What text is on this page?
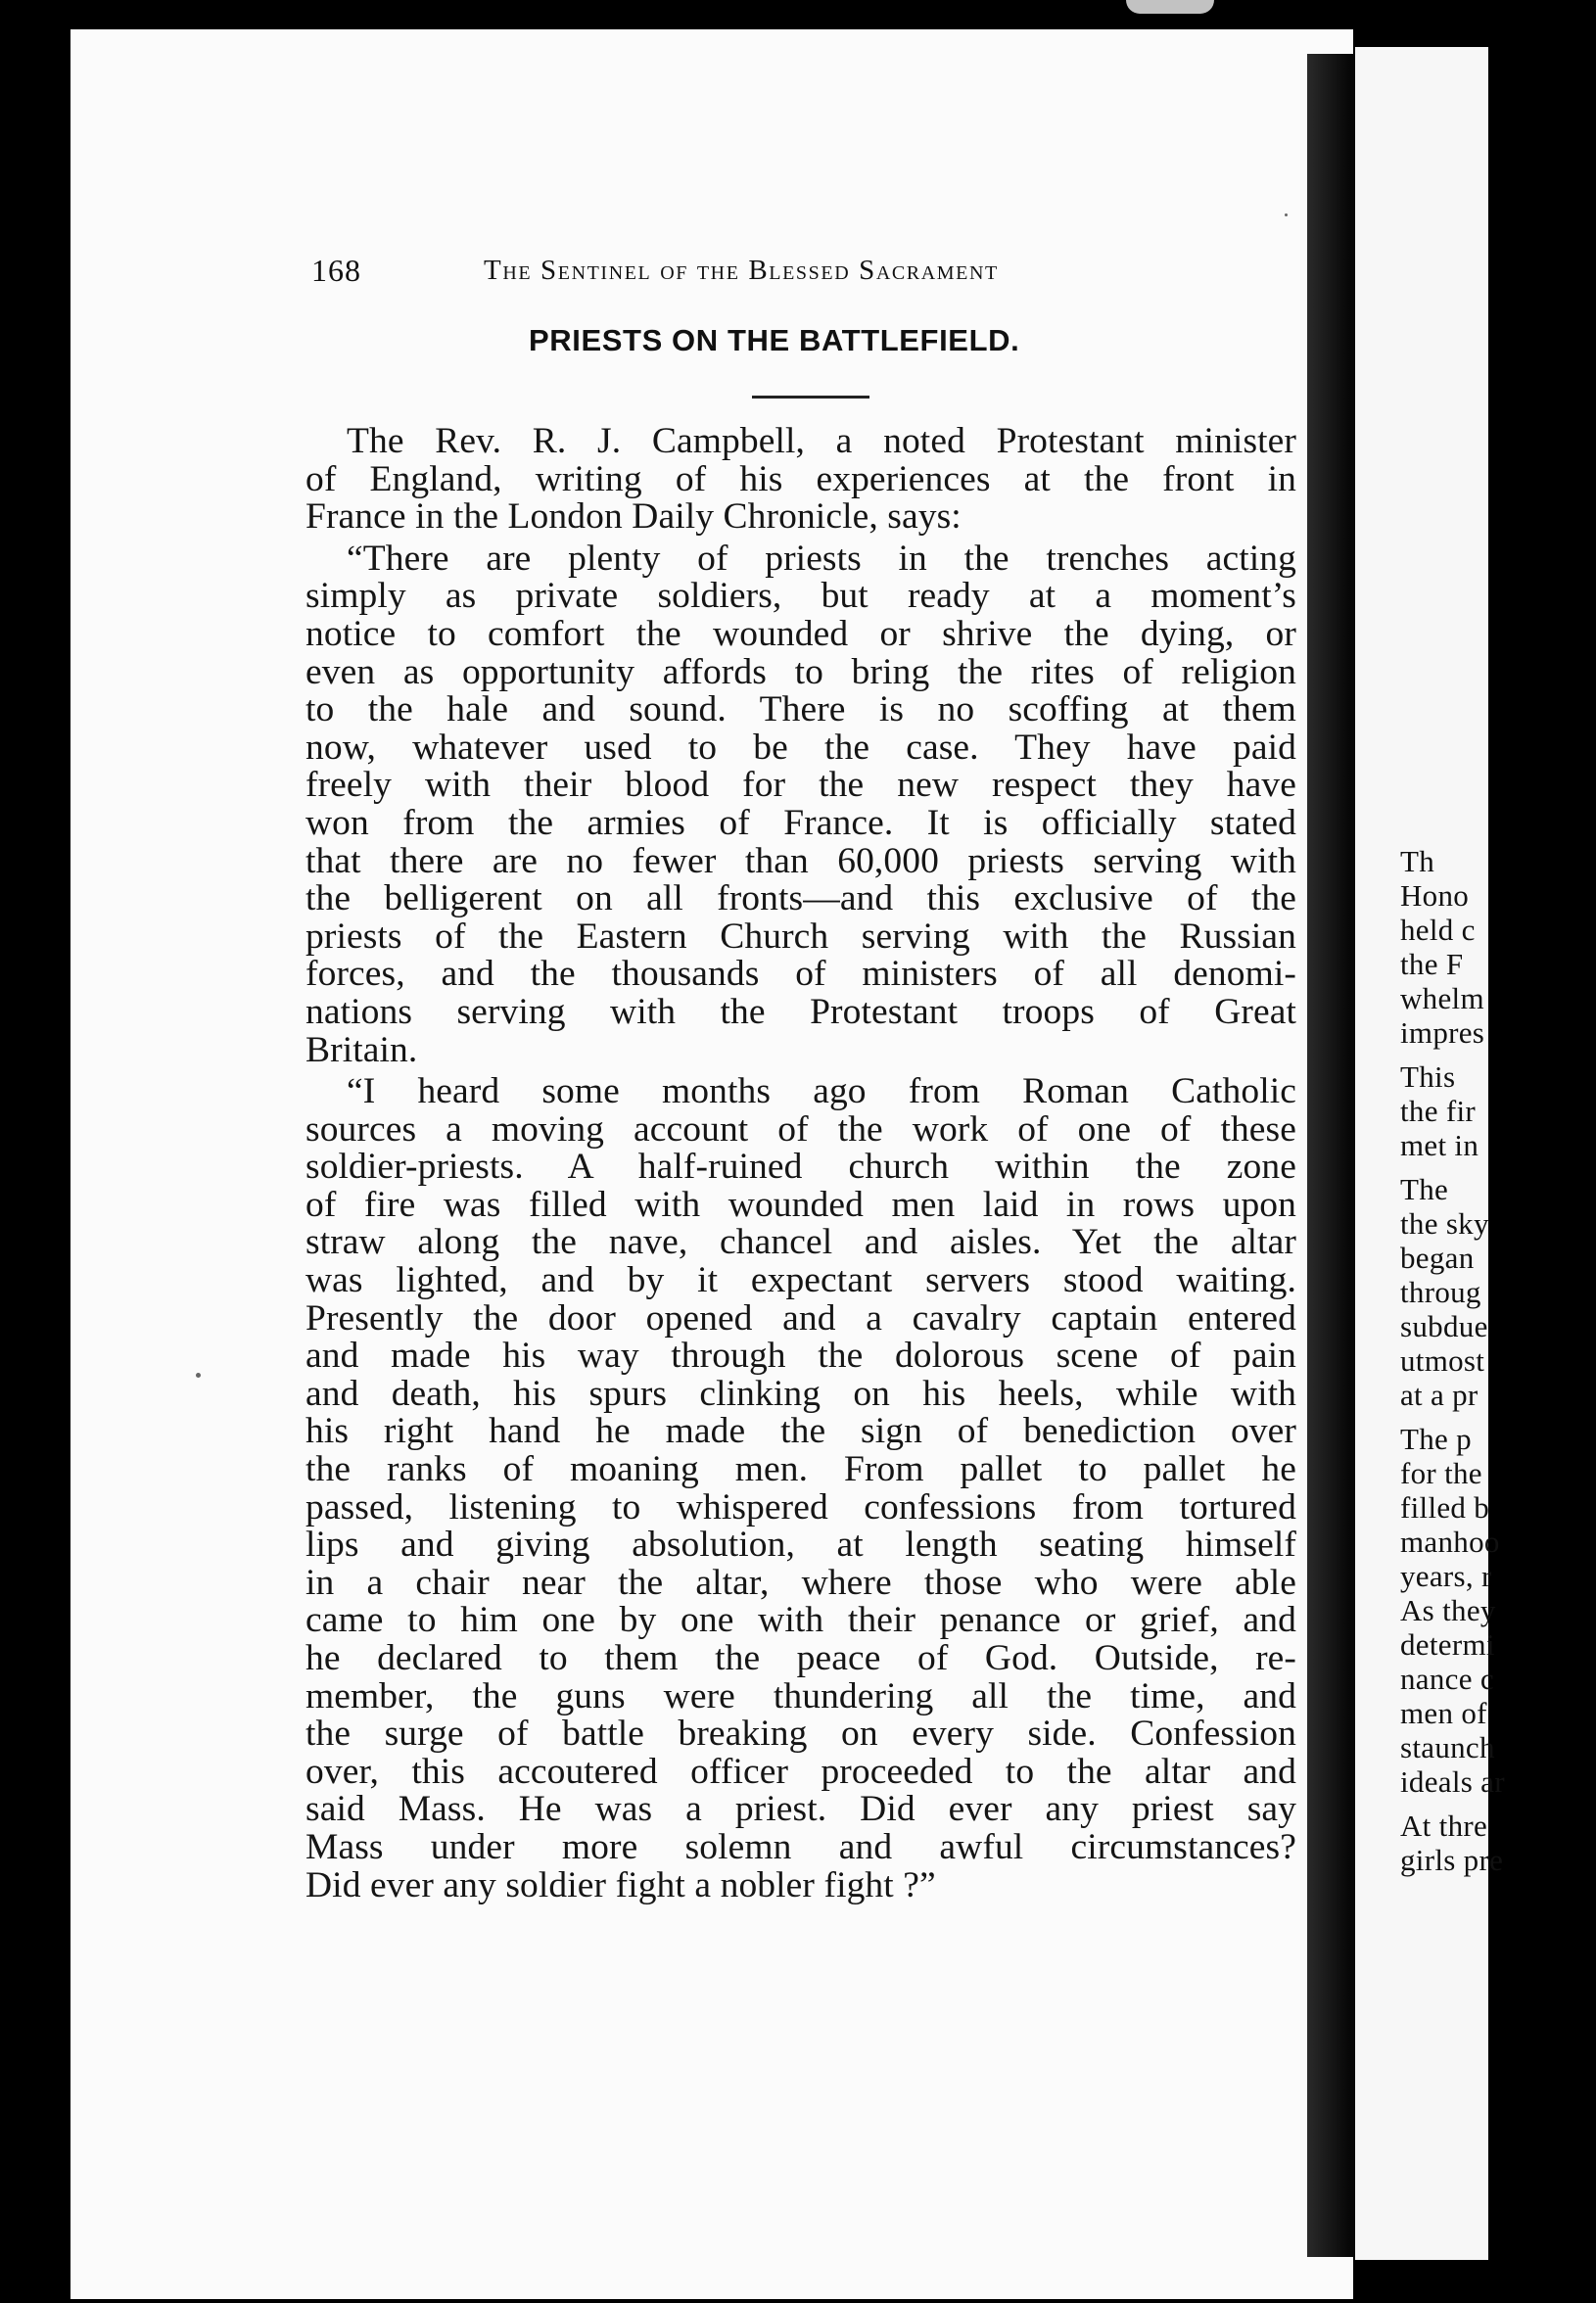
Th
Hono
held c
the F
whelm
impres
This
the fir
met in
The
the sky
began
throug
subdue
utmost
at a pr
The p
for the
filled b
manhoo
years, r
As they
determi
nance c
men of
staunch
ideals ar
At thre
girls pre
168	The Sentinel of the Blessed Sacrament
PRIESTS ON THE BATTLEFIELD.

The Rev. R. J. Campbell, a noted Protestant minister
of England, writing of his experiences at the front in
France in the London Daily Chronicle, says:

“There are plenty of priests in the trenches acting
simply as private soldiers, but ready at a moment’s
notice to comfort the wounded or shrive the dying, or
even as opportunity affords to bring the rites of religion
to the hale and sound. There is no scoffing at them
now, whatever used to be the case. They have paid
freely with their blood for the new respect they have
won from the armies of France. It is officially stated
that there are no fewer than 60,000 priests serving with
the belligerent on all fronts—and this exclusive of the
priests of the Eastern Church serving with the Russian
forces, and the thousands of ministers of all denomi-
nations serving with the Protestant troops of Great
Britain.

“I heard some months ago from Roman Catholic
sources a moving account of the work of one of these
soldier-priests. A half-ruined church within the zone
of fire was filled with wounded men laid in rows upon
straw along the nave, chancel and aisles. Yet the altar
was lighted, and by it expectant servers stood waiting.
Presently the door opened and a cavalry captain entered
and made his way through the dolorous scene of pain
and death, his spurs clinking on his heels, while with
his right hand he made the sign of benediction over
the ranks of moaning men. From pallet to pallet he
passed, listening to whispered confessions from tortured
lips and giving absolution, at length seating himself
in a chair near the altar, where those who were able
came to him one by one with their penance or grief, and
he declared to them the peace of God. Outside, re-
member, the guns were thundering all the time, and
the surge of battle breaking on every side. Confession
over, this accoutered officer proceeded to the altar and
said Mass. He was a priest. Did ever any priest say
Mass under more solemn and awful circumstances?
Did ever any soldier fight a nobler fight ?”
